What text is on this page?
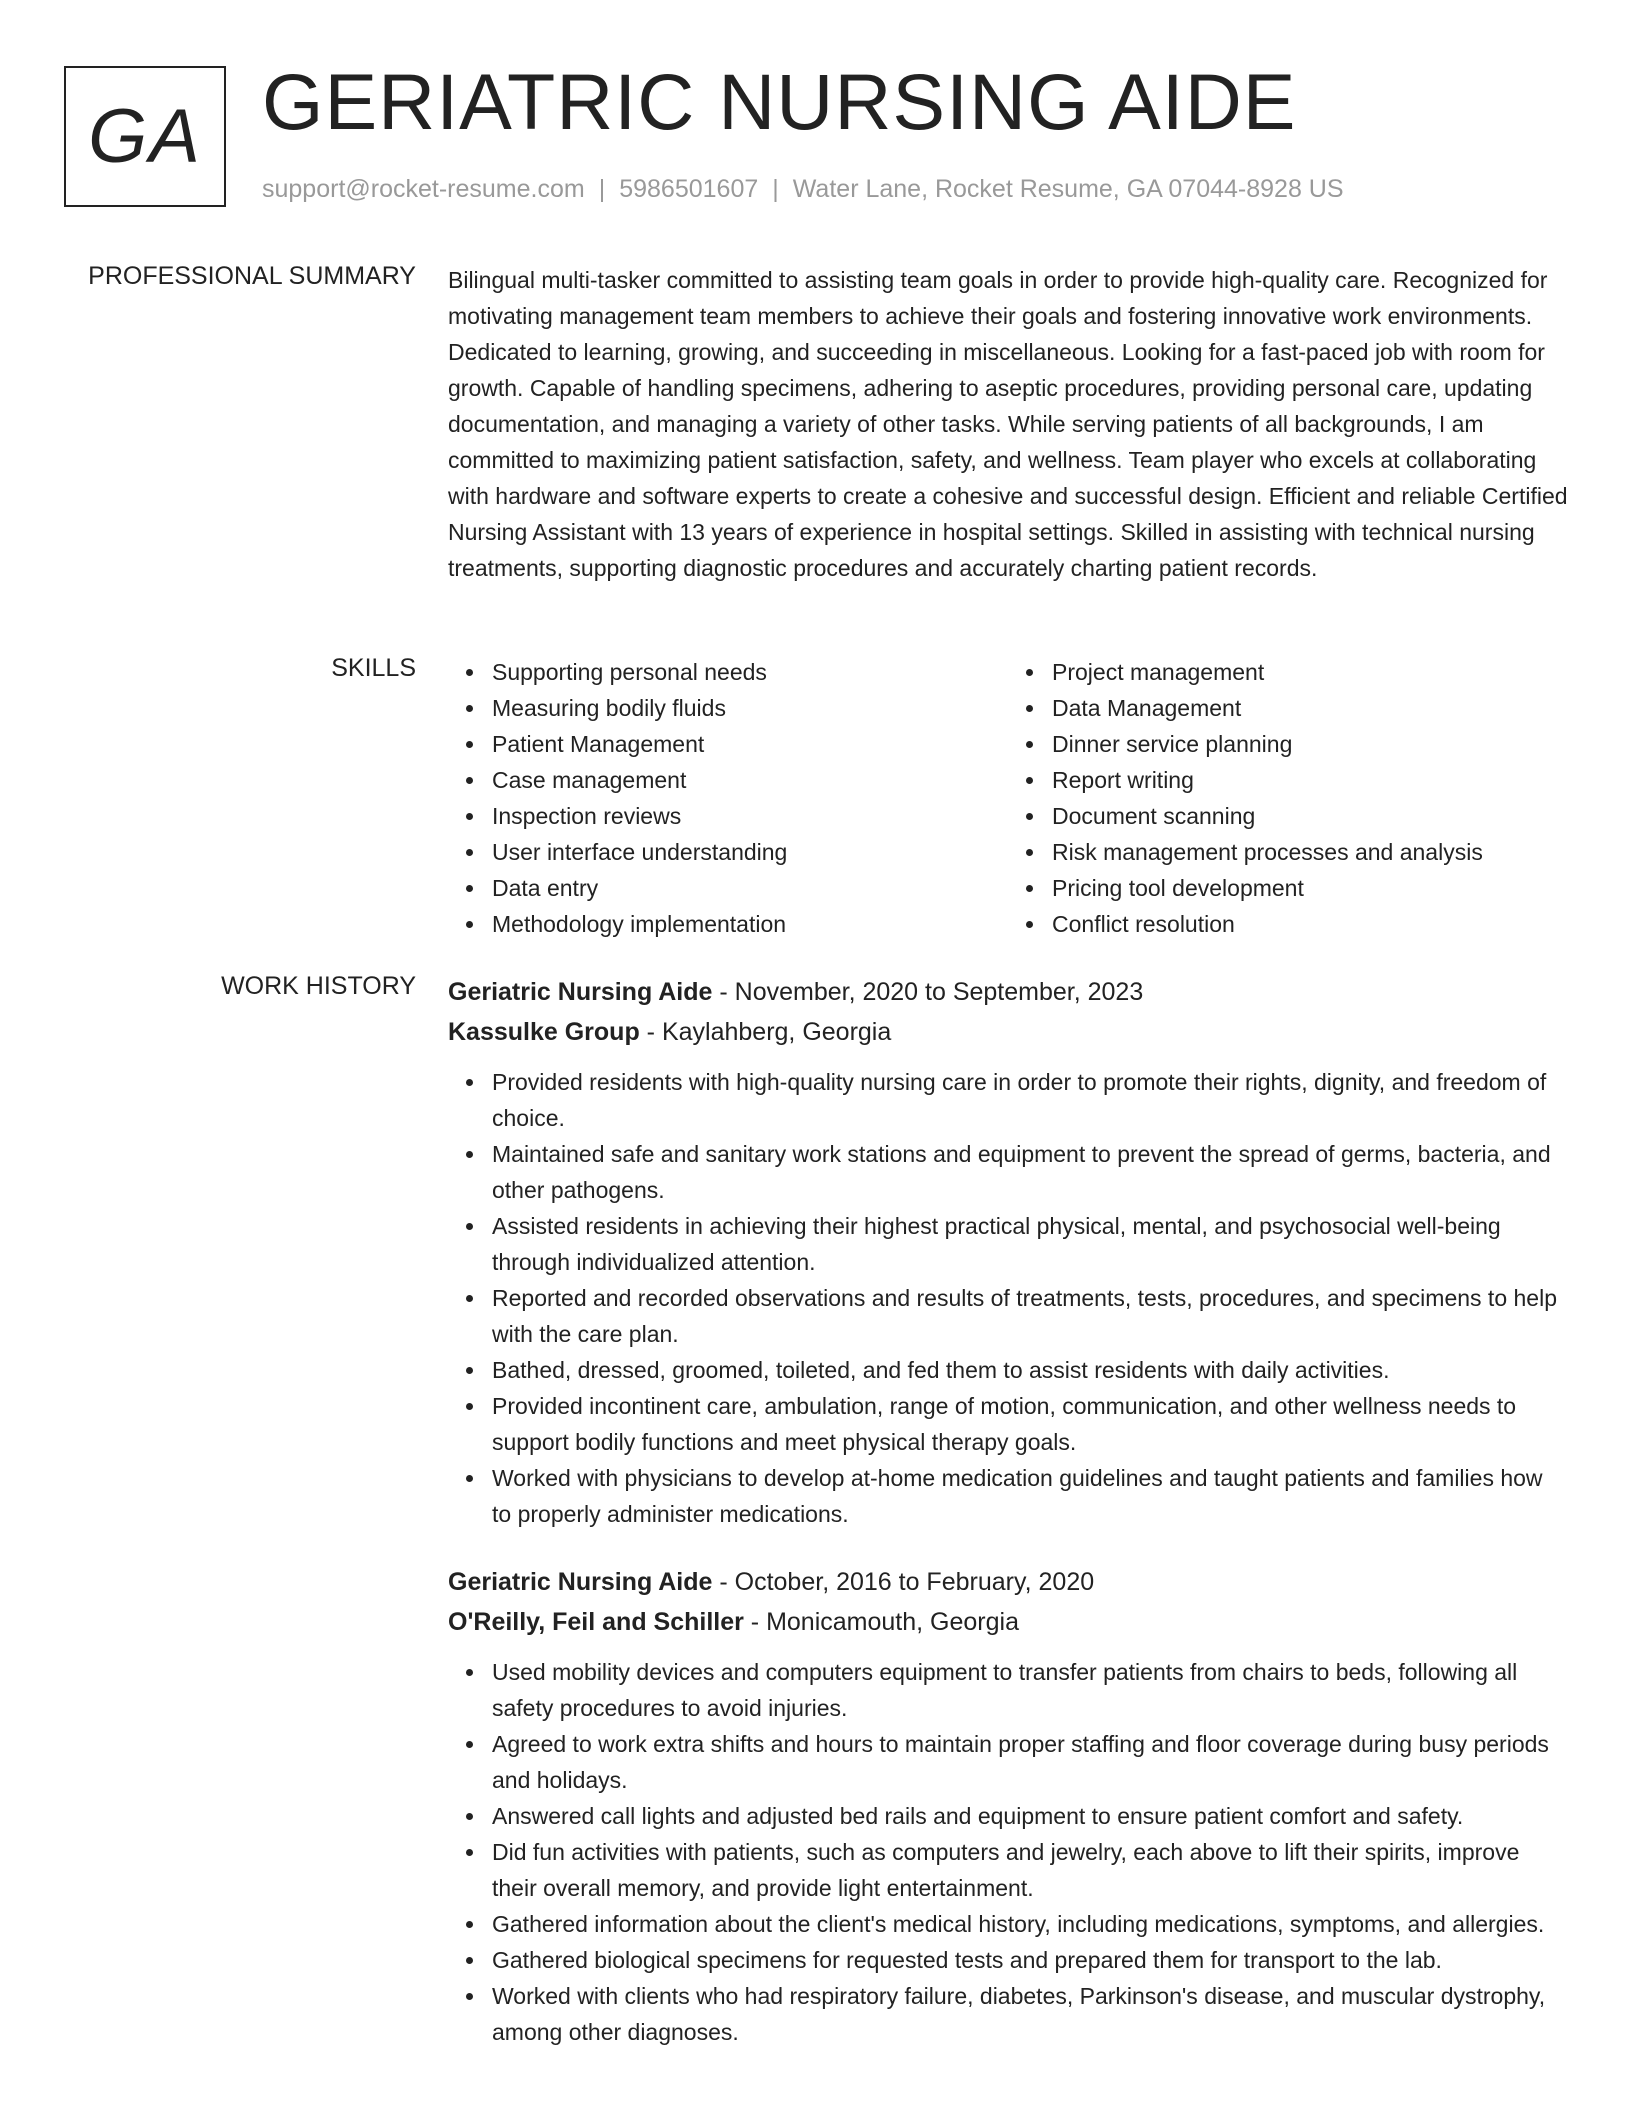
GA GERIATRIC NURSING AIDE
support@rocket-resume.com | 5986501607 | Water Lane, Rocket Resume, GA 07044-8928 US
PROFESSIONAL SUMMARY Bilingual multi-tasker committed to assisting team goals in order to provide high-quality care. Recognized for motivating management team members to achieve their goals and fostering innovative work environments. Dedicated to learning, growing, and succeeding in miscellaneous. Looking for a fast-paced job with room for growth. Capable of handling specimens, adhering to aseptic procedures, providing personal care, updating documentation, and managing a variety of other tasks. While serving patients of all backgrounds, I am committed to maximizing patient satisfaction, safety, and wellness. Team player who excels at collaborating with hardware and software experts to create a cohesive and successful design. Efficient and reliable Certified Nursing Assistant with 13 years of experience in hospital settings. Skilled in assisting with technical nursing treatments, supporting diagnostic procedures and accurately charting patient records.

SKILLS	Supporting personal needs
Measuring bodily fluids
Patient Management
Case management
Inspection reviews
User interface understanding
Data entry
Methodology implementation
Project management
Data Management
Dinner service planning
Report writing
Document scanning
Risk management processes and analysis
Pricing tool development
Conflict resolution
WORK HISTORY Geriatric Nursing Aide - November, 2020 to September, 2023
Kassulke Group - Kaylahberg, Georgia
Provided residents with high-quality nursing care in order to promote their rights, dignity, and freedom of choice.
Maintained safe and sanitary work stations and equipment to prevent the spread of germs, bacteria, and other pathogens.
Assisted residents in achieving their highest practical physical, mental, and psychosocial well-being through individualized attention.
Reported and recorded observations and results of treatments, tests, procedures, and specimens to help with the care plan.
Bathed, dressed, groomed, toileted, and fed them to assist residents with daily activities.
Provided incontinent care, ambulation, range of motion, communication, and other wellness needs to support bodily functions and meet physical therapy goals.
Worked with physicians to develop at-home medication guidelines and taught patients and families how to properly administer medications.
Geriatric Nursing Aide - October, 2016 to February, 2020
O'Reilly, Feil and Schiller - Monicamouth, Georgia
Used mobility devices and computers equipment to transfer patients from chairs to beds, following all safety procedures to avoid injuries.
Agreed to work extra shifts and hours to maintain proper staffing and floor coverage during busy periods and holidays.
Answered call lights and adjusted bed rails and equipment to ensure patient comfort and safety.
Did fun activities with patients, such as computers and jewelry, each above to lift their spirits, improve their overall memory, and provide light entertainment.
Gathered information about the client's medical history, including medications, symptoms, and allergies.
Gathered biological specimens for requested tests and prepared them for transport to the lab.
Worked with clients who had respiratory failure, diabetes, Parkinson's disease, and muscular dystrophy, among other diagnoses.
